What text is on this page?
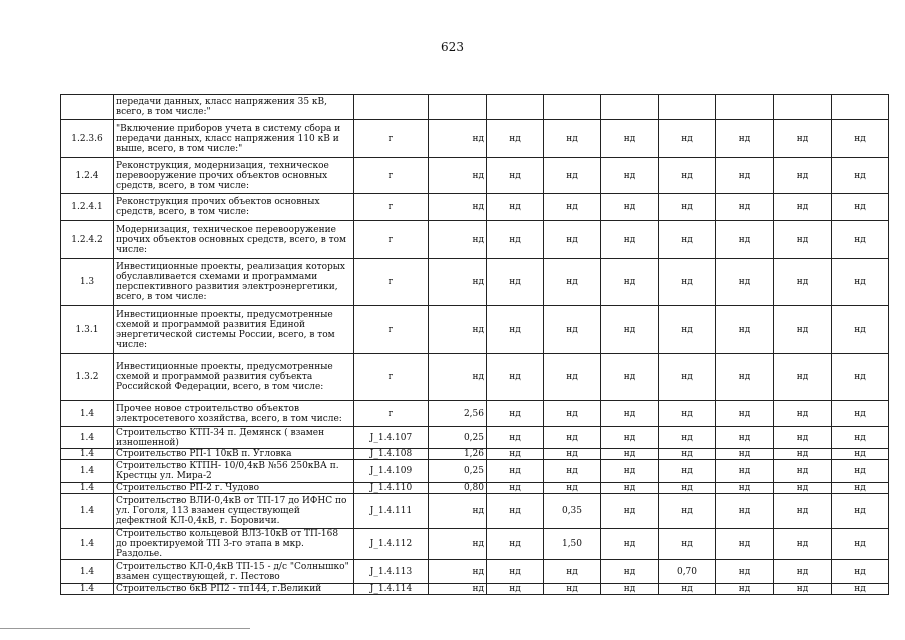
623
	передачи данных, класс напряжения 35 кВ, всего, в том числе:"									
1.2.3.6	"Включение приборов учета в систему сбора и передачи данных, класс напряжения 110 кВ и выше, всего, в том числе:"	г	нд	нд	нд	нд	нд	нд	нд	нд
1.2.4	Реконструкция, модернизация, техническое перевооружение прочих объектов основных средств, всего, в том числе:	г	нд	нд	нд	нд	нд	нд	нд	нд
1.2.4.1	Реконструкция прочих объектов основных средств, всего, в том числе:	г	нд	нд	нд	нд	нд	нд	нд	нд
1.2.4.2	Модернизация, техническое перевооружение прочих объектов основных средств, всего, в том числе:	г	нд	нд	нд	нд	нд	нд	нд	нд
1.3	Инвестиционные проекты, реализация которых обуславливается схемами и программами перспективного развития электроэнергетики, всего, в том числе:	г	нд	нд	нд	нд	нд	нд	нд	нд
1.3.1	Инвестиционные проекты, предусмотренные схемой и программой развития Единой энергетической системы России, всего, в том числе:	г	нд	нд	нд	нд	нд	нд	нд	нд
1.3.2	Инвестиционные проекты, предусмотренные схемой и программой развития субъекта Российской Федерации, всего, в том числе:	г	нд	нд	нд	нд	нд	нд	нд	нд
1.4	Прочее новое строительство объектов электросетевого хозяйства, всего, в том числе:	г	2,56	нд	нд	нд	нд	нд	нд	нд
1.4	Строительство КТП-34 п. Демянск ( взамен изношенной)	J_1.4.107	0,25	нд	нд	нд	нд	нд	нд	нд
1.4	Строительство РП-1 10кВ п. Угловка	J_1.4.108	1,26	нд	нд	нд	нд	нд	нд	нд
1.4	Строительство КТПН- 10/0,4кВ №56 250кВА п. Крестцы ул. Мира-2	J_1.4.109	0,25	нд	нд	нд	нд	нд	нд	нд
1.4	Строительство РП-2 г. Чудово	J_1.4.110	0,80	нд	нд	нд	нд	нд	нд	нд
1.4	Строительство ВЛИ-0,4кВ от ТП-17 до ИФНС по ул. Гоголя, 113 взамен существующей дефектной КЛ-0,4кВ, г. Боровичи.	J_1.4.111	нд	нд	0,35	нд	нд	нд	нд	нд
1.4	Строительство кольцевой ВЛЗ-10кВ от ТП-168 до проектируемой ТП 3-го этапа в мкр. Раздолье.	J_1.4.112	нд	нд	1,50	нд	нд	нд	нд	нд
1.4	Строительство КЛ-0,4кВ ТП-15 - д/с "Солнышко" взамен существующей, г. Пестово	J_1.4.113	нд	нд	нд	нд	0,70	нд	нд	нд
1.4	Строительство 6кВ РП2 - тп144, г.Великий	J_1.4.114	нд	нд	нд	нд	нд	нд	нд	нд
